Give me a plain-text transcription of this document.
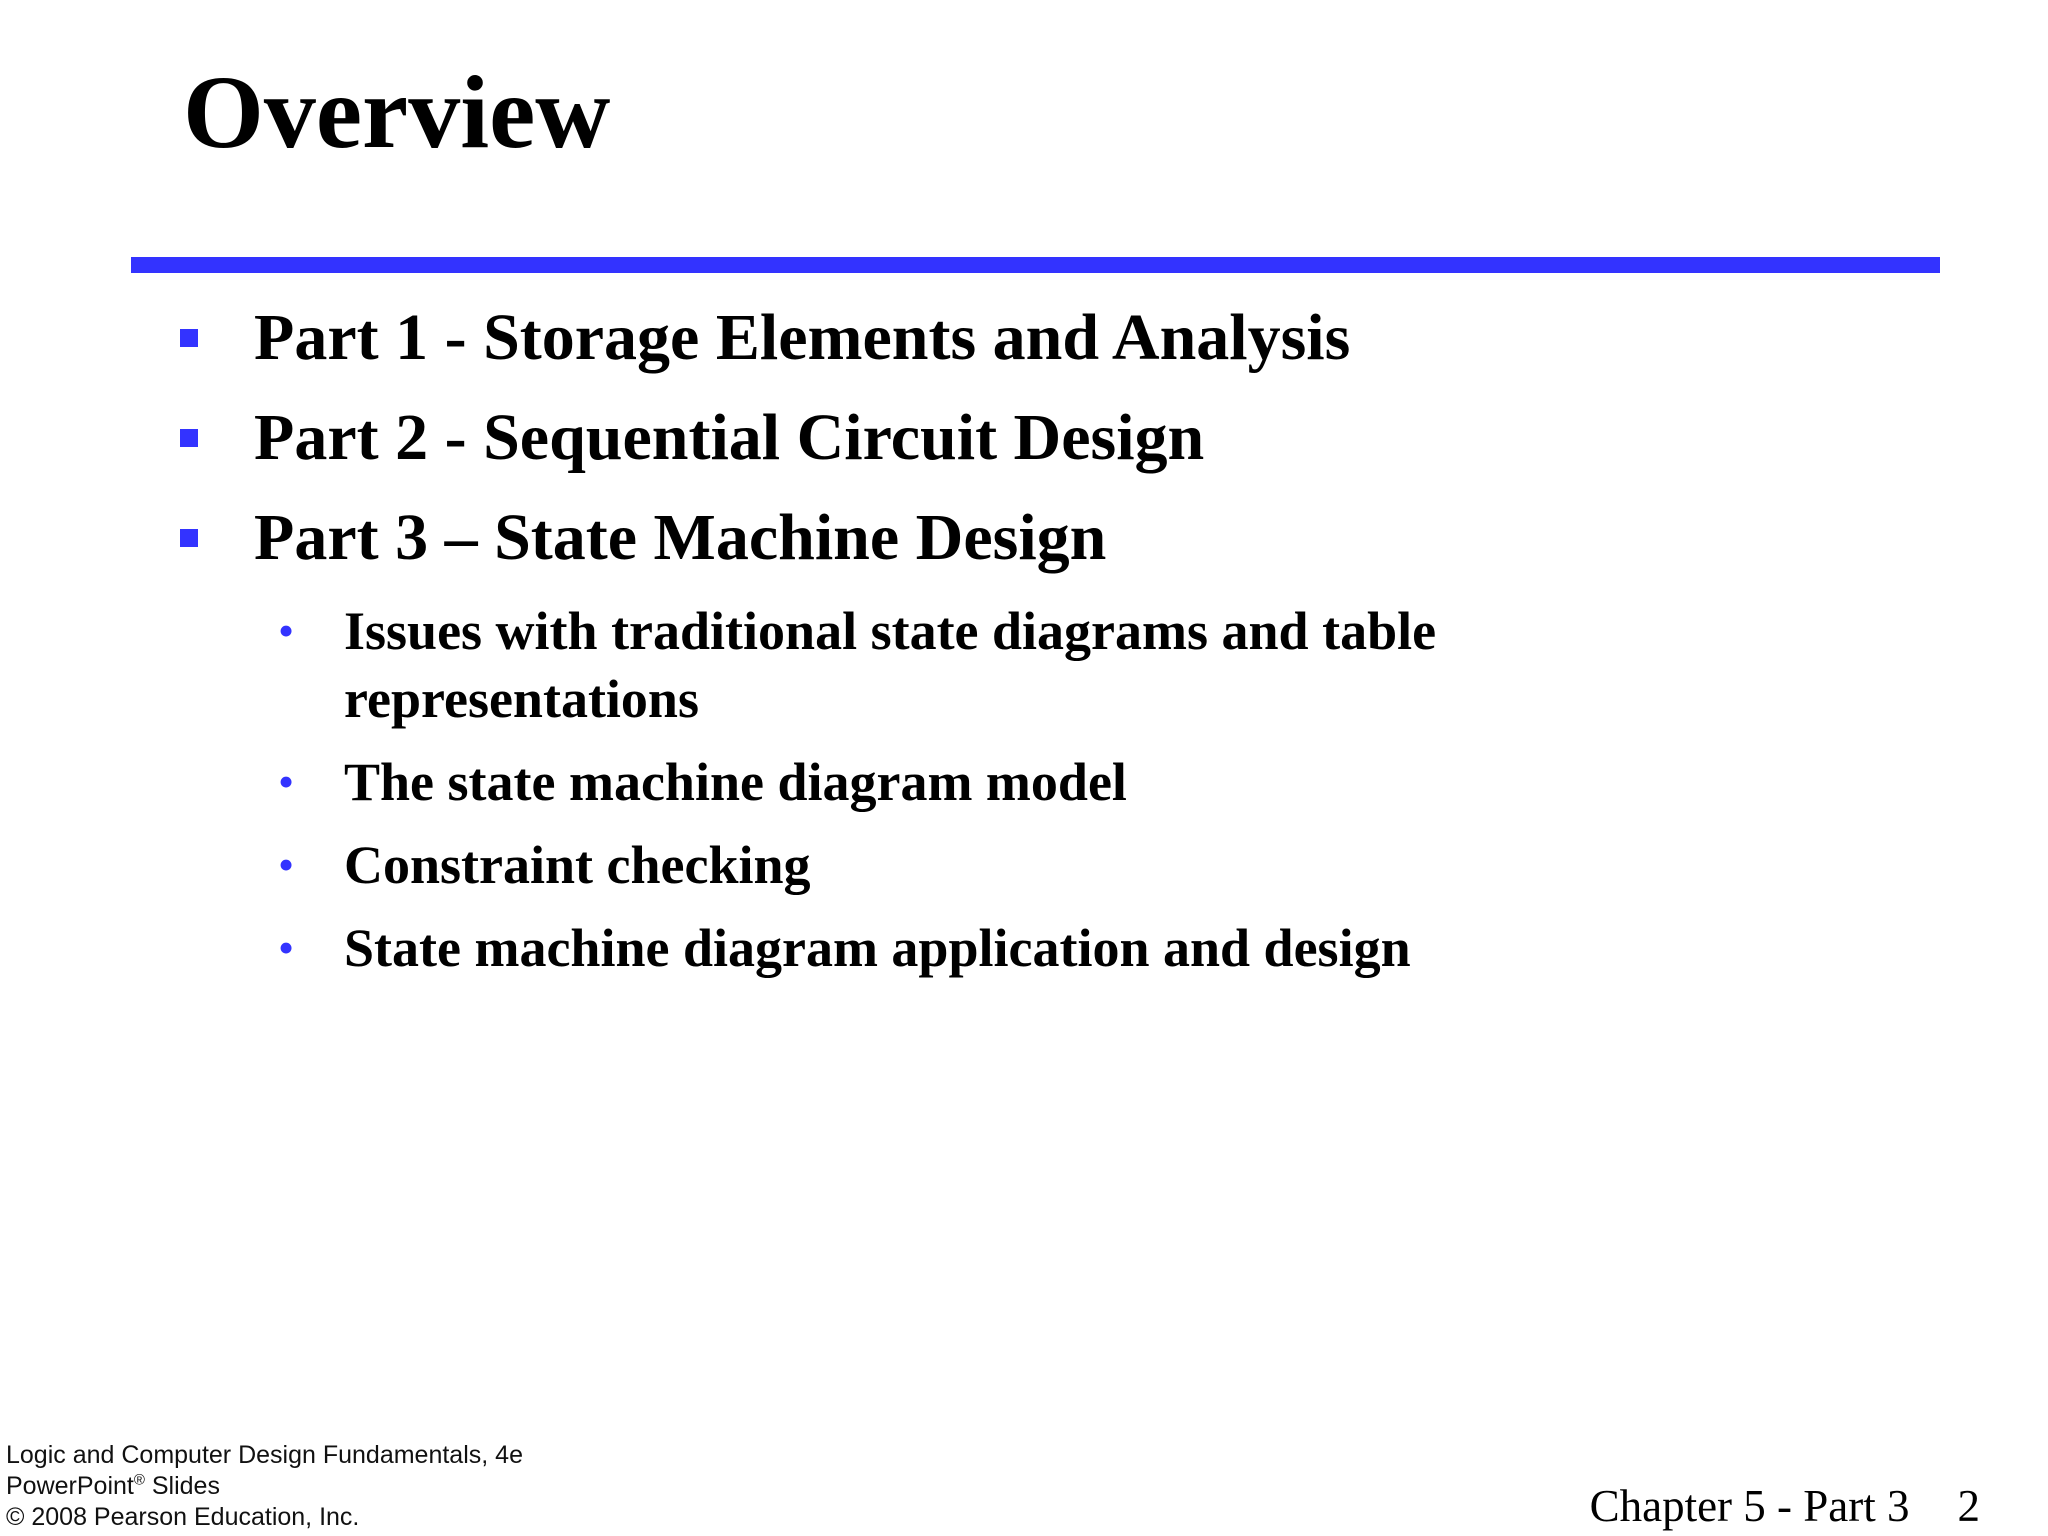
Overview
Part 1 - Storage Elements and Analysis
Part 2 - Sequential Circuit Design
Part 3 – State Machine Design
• Issues with traditional state diagrams and table representations
• The state machine diagram model
• Constraint checking
• State machine diagram application and design
Logic and Computer Design Fundamentals, 4e
PowerPoint® Slides
© 2008 Pearson Education, Inc.	Chapter 5 - Part 3 2
